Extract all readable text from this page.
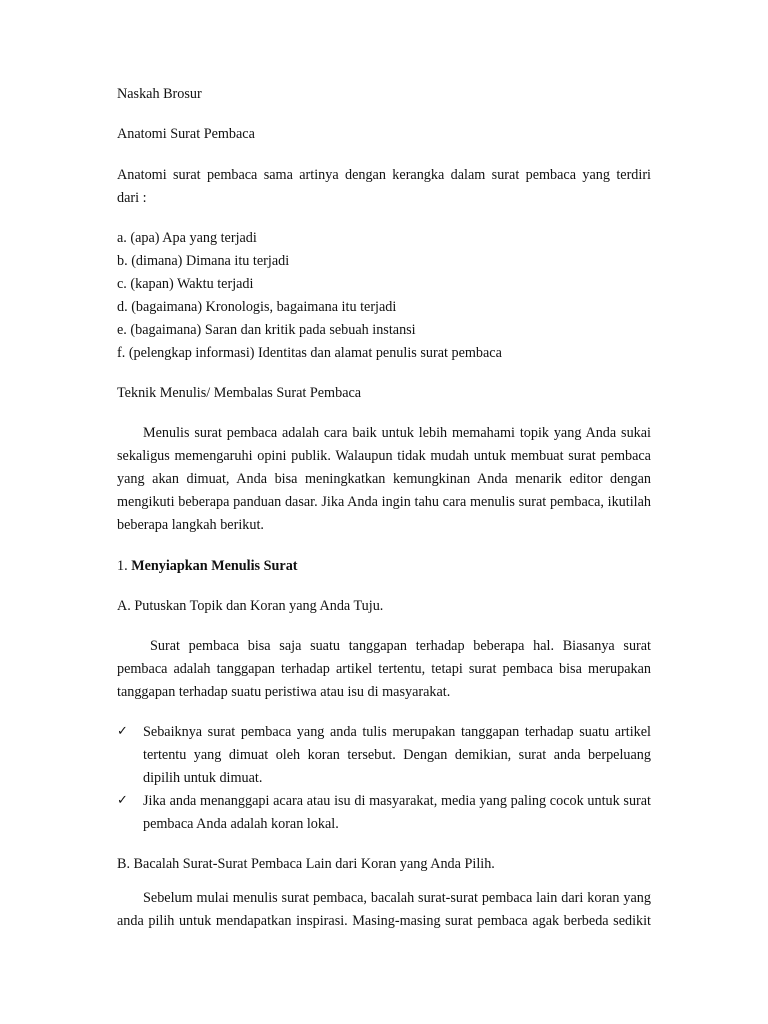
Naskah Brosur
Anatomi Surat Pembaca
Anatomi surat pembaca sama artinya dengan kerangka dalam surat pembaca yang terdiri
dari :
a. (apa) Apa yang terjadi
b. (dimana) Dimana itu terjadi
c. (kapan) Waktu terjadi
d. (bagaimana) Kronologis, bagaimana itu terjadi
e. (bagaimana) Saran dan kritik pada sebuah instansi
f. (pelengkap informasi) Identitas dan alamat penulis surat pembaca
Teknik Menulis/ Membalas Surat Pembaca
Menulis surat pembaca adalah cara baik untuk lebih memahami topik yang Anda sukai
sekaligus memengaruhi opini publik. Walaupun tidak mudah untuk membuat surat pembaca
yang akan dimuat, Anda bisa meningkatkan kemungkinan Anda menarik editor dengan
mengikuti beberapa panduan dasar. Jika Anda ingin tahu cara menulis surat pembaca, ikutilah
beberapa langkah berikut.
1. Menyiapkan Menulis Surat
A. Putuskan Topik dan Koran yang Anda Tuju.
Surat pembaca bisa saja suatu tanggapan terhadap beberapa hal. Biasanya surat
pembaca adalah tanggapan terhadap artikel tertentu, tetapi surat pembaca bisa merupakan
tanggapan terhadap suatu peristiwa atau isu di masyarakat.
✓ Sebaiknya surat pembaca yang anda tulis merupakan tanggapan terhadap suatu artikel
tertentu yang dimuat oleh koran tersebut. Dengan demikian, surat anda berpeluang
dipilih untuk dimuat.
✓ Jika anda menanggapi acara atau isu di masyarakat, media yang paling cocok untuk surat
pembaca Anda adalah koran lokal.
B. Bacalah Surat-Surat Pembaca Lain dari Koran yang Anda Pilih.
Sebelum mulai menulis surat pembaca, bacalah surat-surat pembaca lain dari koran yang
anda pilih untuk mendapatkan inspirasi. Masing-masing surat pembaca agak berbeda sedikit
